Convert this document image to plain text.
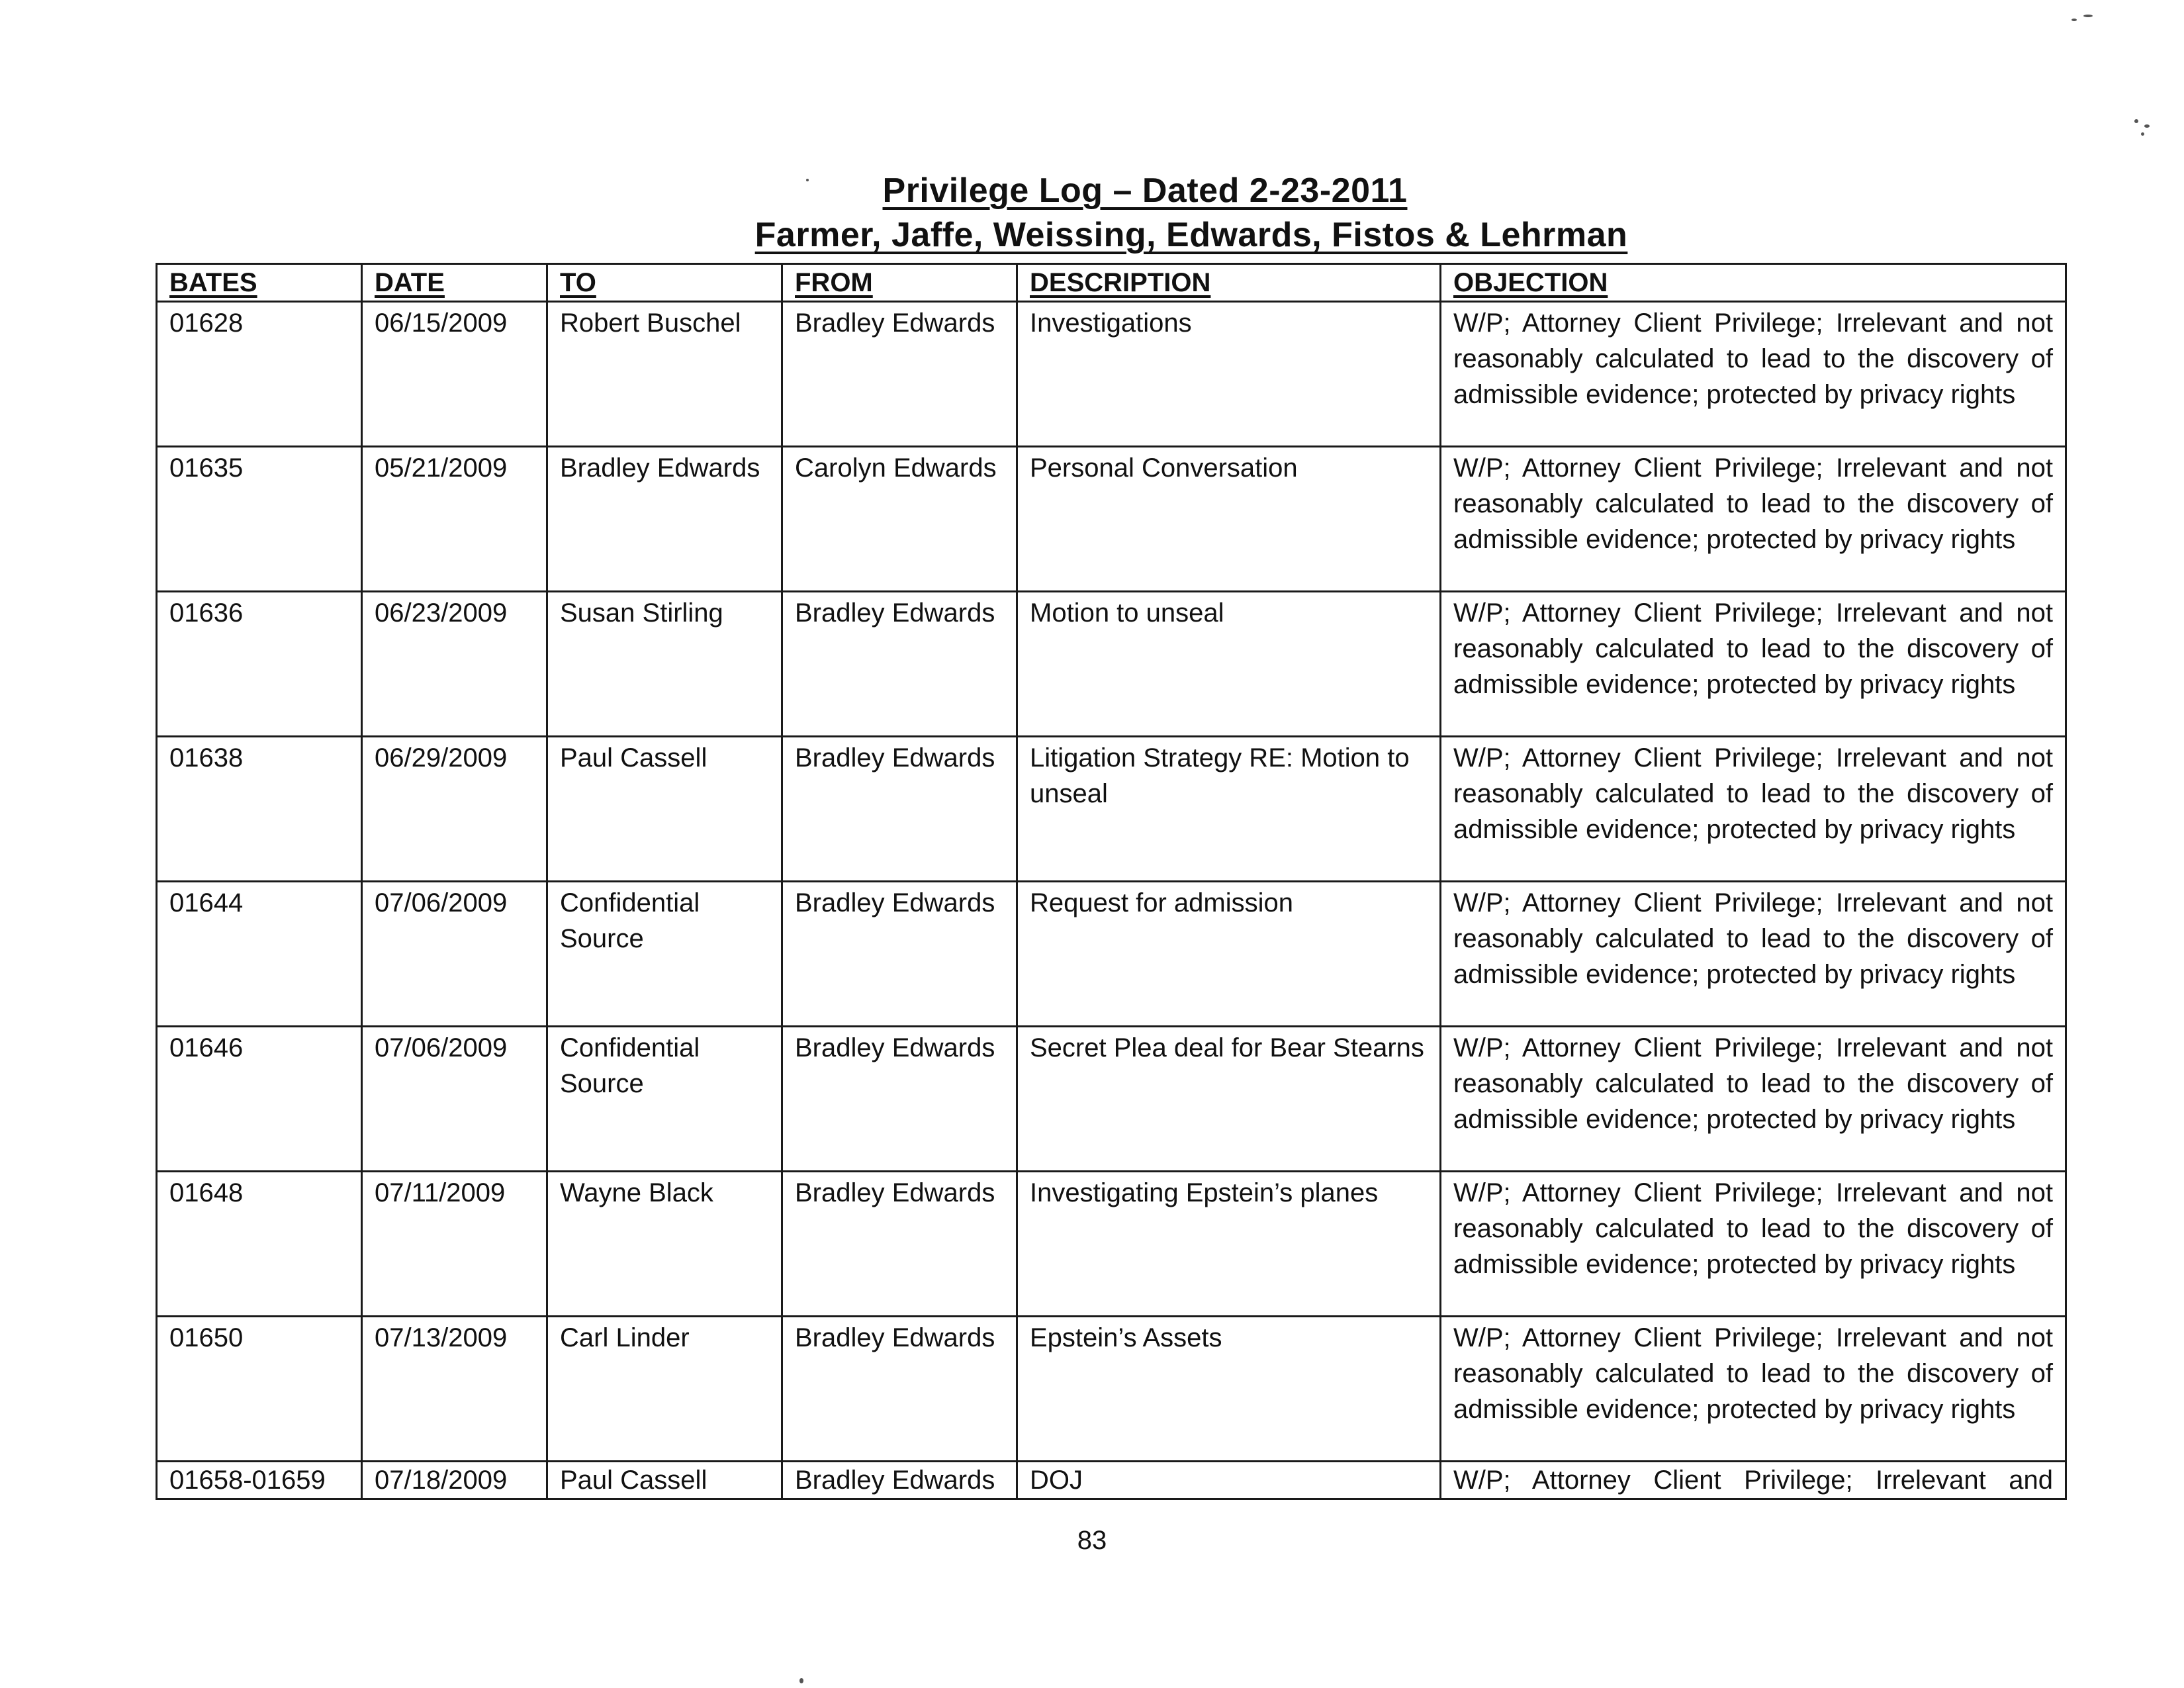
Privilege Log – Dated 2-23-2011
Farmer, Jaffe, Weissing, Edwards, Fistos & Lehrman
BATES	DATE	TO	FROM	DESCRIPTION	OBJECTION
01628	06/15/2009	Robert Buschel	Bradley Edwards	Investigations	W/P; Attorney Client Privilege; Irrelevant and not reasonably calculated to lead to the discovery of admissible evidence; protected by privacy rights
01635	05/21/2009	Bradley Edwards	Carolyn Edwards	Personal Conversation	W/P; Attorney Client Privilege; Irrelevant and not reasonably calculated to lead to the discovery of admissible evidence; protected by privacy rights
01636	06/23/2009	Susan Stirling	Bradley Edwards	Motion to unseal	W/P; Attorney Client Privilege; Irrelevant and not reasonably calculated to lead to the discovery of admissible evidence; protected by privacy rights
01638	06/29/2009	Paul Cassell	Bradley Edwards	Litigation Strategy RE: Motion to unseal	W/P; Attorney Client Privilege; Irrelevant and not reasonably calculated to lead to the discovery of admissible evidence; protected by privacy rights
01644	07/06/2009	Confidential Source	Bradley Edwards	Request for admission	W/P; Attorney Client Privilege; Irrelevant and not reasonably calculated to lead to the discovery of admissible evidence; protected by privacy rights
01646	07/06/2009	Confidential Source	Bradley Edwards	Secret Plea deal for Bear Stearns	W/P; Attorney Client Privilege; Irrelevant and not reasonably calculated to lead to the discovery of admissible evidence; protected by privacy rights
01648	07/11/2009	Wayne Black	Bradley Edwards	Investigating Epstein’s planes	W/P; Attorney Client Privilege; Irrelevant and not reasonably calculated to lead to the discovery of admissible evidence; protected by privacy rights
01650	07/13/2009	Carl Linder	Bradley Edwards	Epstein’s Assets	W/P; Attorney Client Privilege; Irrelevant and not reasonably calculated to lead to the discovery of admissible evidence; protected by privacy rights
01658-01659	07/18/2009	Paul Cassell	Bradley Edwards	DOJ	W/P; Attorney Client Privilege; Irrelevant and
83
